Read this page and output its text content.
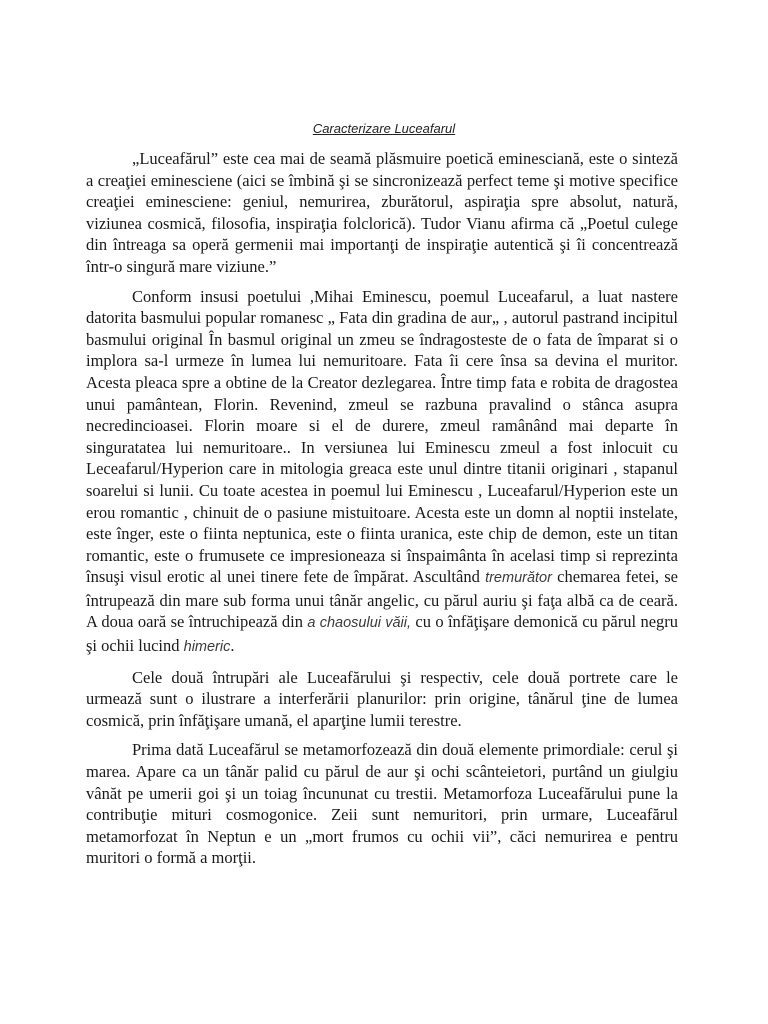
Caracterizare Luceafarul

„Luceafărul” este cea mai de seamă plăsmuire poetică eminesciană, este o sinteză a creaţiei eminesciene (aici se îmbină şi se sincronizează perfect teme şi motive specifice creaţiei eminesciene: geniul, nemurirea, zburătorul, aspiraţia spre absolut, natură, viziunea cosmică, filosofia, inspiraţia folclorică). Tudor Vianu afirma că „Poetul culege din întreaga sa operă germenii mai importanţi de inspiraţie autentică şi îi concentrează într-o singură mare viziune.”

Conform insusi poetului ,Mihai Eminescu, poemul Luceafarul, a luat nastere datorita basmului popular romanesc „ Fata din gradina de aur„ , autorul pastrand incipitul basmului original În basmul original un zmeu se îndragosteste de o fata de împarat si o implora sa-l urmeze în lumea lui nemuritoare. Fata îi cere însa sa devina el muritor. Acesta pleaca spre a obtine de la Creator dezlegarea. Între timp fata e robita de dragostea unui pamântean, Florin. Revenind, zmeul se razbuna pravalind o stânca asupra necredincioasei. Florin moare si el de durere, zmeul ramânând mai departe în singuratatea lui nemuritoare.. In versiunea lui Eminescu zmeul a fost inlocuit cu Leceafarul/Hyperion care in mitologia greaca este unul dintre titanii originari , stapanul soarelui si lunii. Cu toate acestea in poemul lui Eminescu , Luceafarul/Hyperion este un erou romantic , chinuit de o pasiune mistuitoare. Acesta este un domn al noptii instelate, este înger, este o fiinta neptunica, este o fiinta uranica, este chip de demon, este un titan romantic, este o frumusete ce impresioneaza si înspaimânta în acelasi timp si reprezinta însuşi visul erotic al unei tinere fete de împărat. Ascultând tremurător chemarea fetei, se întrupează din mare sub forma unui tânăr angelic, cu părul auriu şi faţa albă ca de ceară. A doua oară se întruchipează din a chaosului văii, cu o înfăţişare demonică cu părul negru şi ochii lucind himeric.

Cele două întrupări ale Luceafărului şi respectiv, cele două portrete care le urmează sunt o ilustrare a interferării planurilor: prin origine, tânărul ţine de lumea cosmică, prin înfăţişare umană, el aparţine lumii terestre.

Prima dată Luceafărul se metamorfozează din două elemente primordiale: cerul şi marea. Apare ca un tânăr palid cu părul de aur şi ochi scânteietori, purtând un giulgiu vânăt pe umerii goi şi un toiag încununat cu trestii. Metamorfoza Luceafărului pune la contribuţie mituri cosmogonice. Zeii sunt nemuritori, prin urmare, Luceafărul metamorfozat în Neptun e un „mort frumos cu ochii vii”, căci nemurirea e pentru muritori o formă a morţii.
